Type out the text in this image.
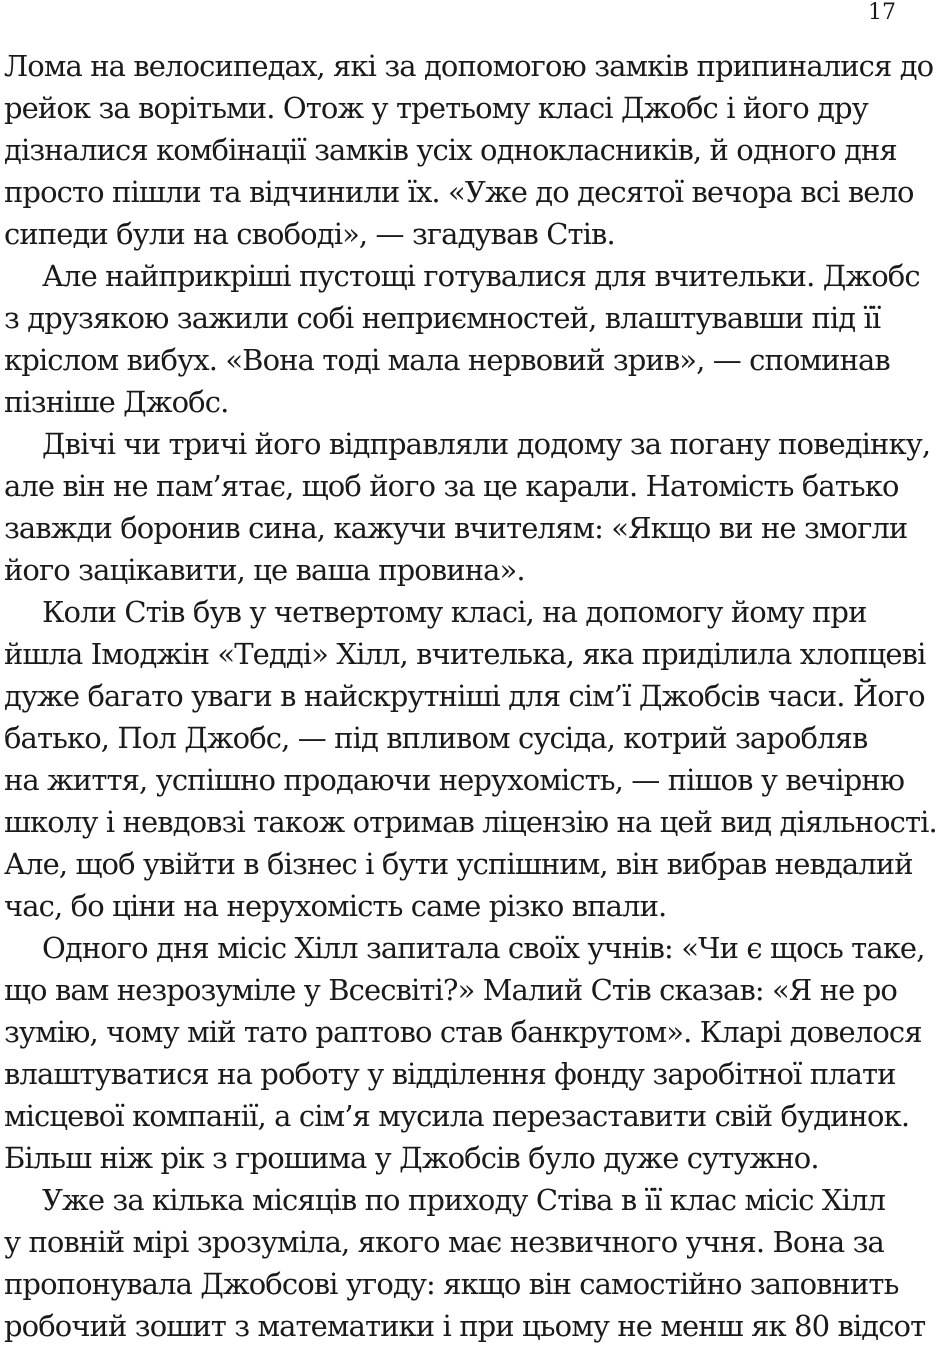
17
Лома на велосипедах, які за допомогою замків припиналися до
рейок за ворітьми. Отож у третьому класі Джобс і його дру
дізналися комбінації замків усіх однокласників, й одного дня
просто пішли та відчинили їх. «Уже до десятої вечора всі вело
сипеди були на свободі», — згадував Стів.
Але найприкріші пустощі готувалися для вчительки. Джобс
з друзякою зажили собі неприємностей, влаштувавши під її
кріслом вибух. «Вона тоді мала нервовий зрив», — споминав
пізніше Джобс.
Двічі чи тричі його відправляли додому за погану поведінку,
але він не пам’ятає, щоб його за це карали. Натомість батько
завжди боронив сина, кажучи вчителям: «Якщо ви не змогли
його зацікавити, це ваша провина».
Коли Стів був у четвертому класі, на допомогу йому при
йшла Імоджін «Тедді» Хілл, вчителька, яка приділила хлопцеві
дуже багато уваги в найскрутніші для сім’ї Джобсів часи. Його
батько, Пол Джобс, — під впливом сусіда, котрий заробляв
на життя, успішно продаючи нерухомість, — пішов у вечірню
школу і невдовзі також отримав ліцензію на цей вид діяльності.
Але, щоб увійти в бізнес і бути успішним, він вибрав невдалий
час, бо ціни на нерухомість саме різко впали.
Одного дня місіс Хілл запитала своїх учнів: «Чи є щось таке,
що вам незрозуміле у Всесвіті?» Малий Стів сказав: «Я не ро
зумію, чому мій тато раптово став банкрутом». Кларі довелося
влаштуватися на роботу у відділення фонду заробітної плати
місцевої компанії, а сім’я мусила перезаставити свій будинок.
Більш ніж рік з грошима у Джобсів було дуже сутужно.
Уже за кілька місяців по приходу Стіва в її клас місіс Хілл
у повній мірі зрозуміла, якого має незвичного учня. Вона за
пропонувала Джобсові угоду: якщо він самостійно заповнить
робочий зошит з математики і при цьому не менш як 80 відсот
